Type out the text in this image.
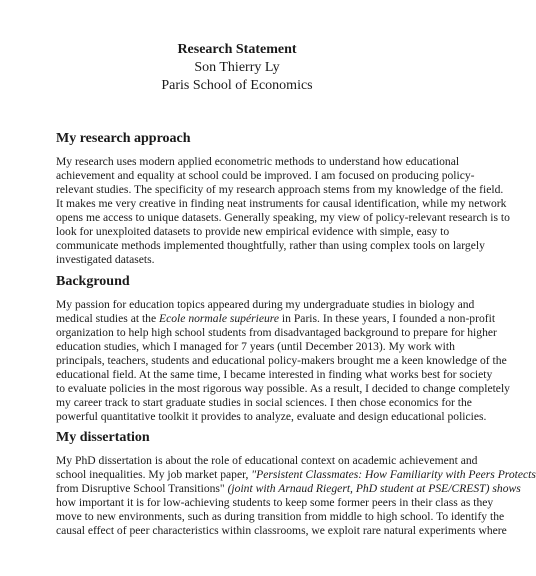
Research Statement
Son Thierry Ly
Paris School of Economics
My research approach
My research uses modern applied econometric methods to understand how educational
achievement and equality at school could be improved. I am focused on producing policy-
relevant studies. The specificity of my research approach stems from my knowledge of the field.
It makes me very creative in finding neat instruments for causal identification, while my network
opens me access to unique datasets. Generally speaking, my view of policy-relevant research is to
look for unexploited datasets to provide new empirical evidence with simple, easy to
communicate methods implemented thoughtfully, rather than using complex tools on largely
investigated datasets.
Background
My passion for education topics appeared during my undergraduate studies in biology and
medical studies at the Ecole normale supérieure in Paris. In these years, I founded a non-profit
organization to help high school students from disadvantaged background to prepare for higher
education studies, which I managed for 7 years (until December 2013). My work with
principals, teachers, students and educational policy-makers brought me a keen knowledge of the
educational field. At the same time, I became interested in finding what works best for society
to evaluate policies in the most rigorous way possible. As a result, I decided to change completely
my career track to start graduate studies in social sciences. I then chose economics for the
powerful quantitative toolkit it provides to analyze, evaluate and design educational policies.
My dissertation
My PhD dissertation is about the role of educational context on academic achievement and
school inequalities. My job market paper, "Persistent Classmates: How Familiarity with Peers Protects
from Disruptive School Transitions" (joint with Arnaud Riegert, PhD student at PSE/CREST) shows
how important it is for low-achieving students to keep some former peers in their class as they
move to new environments, such as during transition from middle to high school. To identify the
causal effect of peer characteristics within classrooms, we exploit rare natural experiments where
